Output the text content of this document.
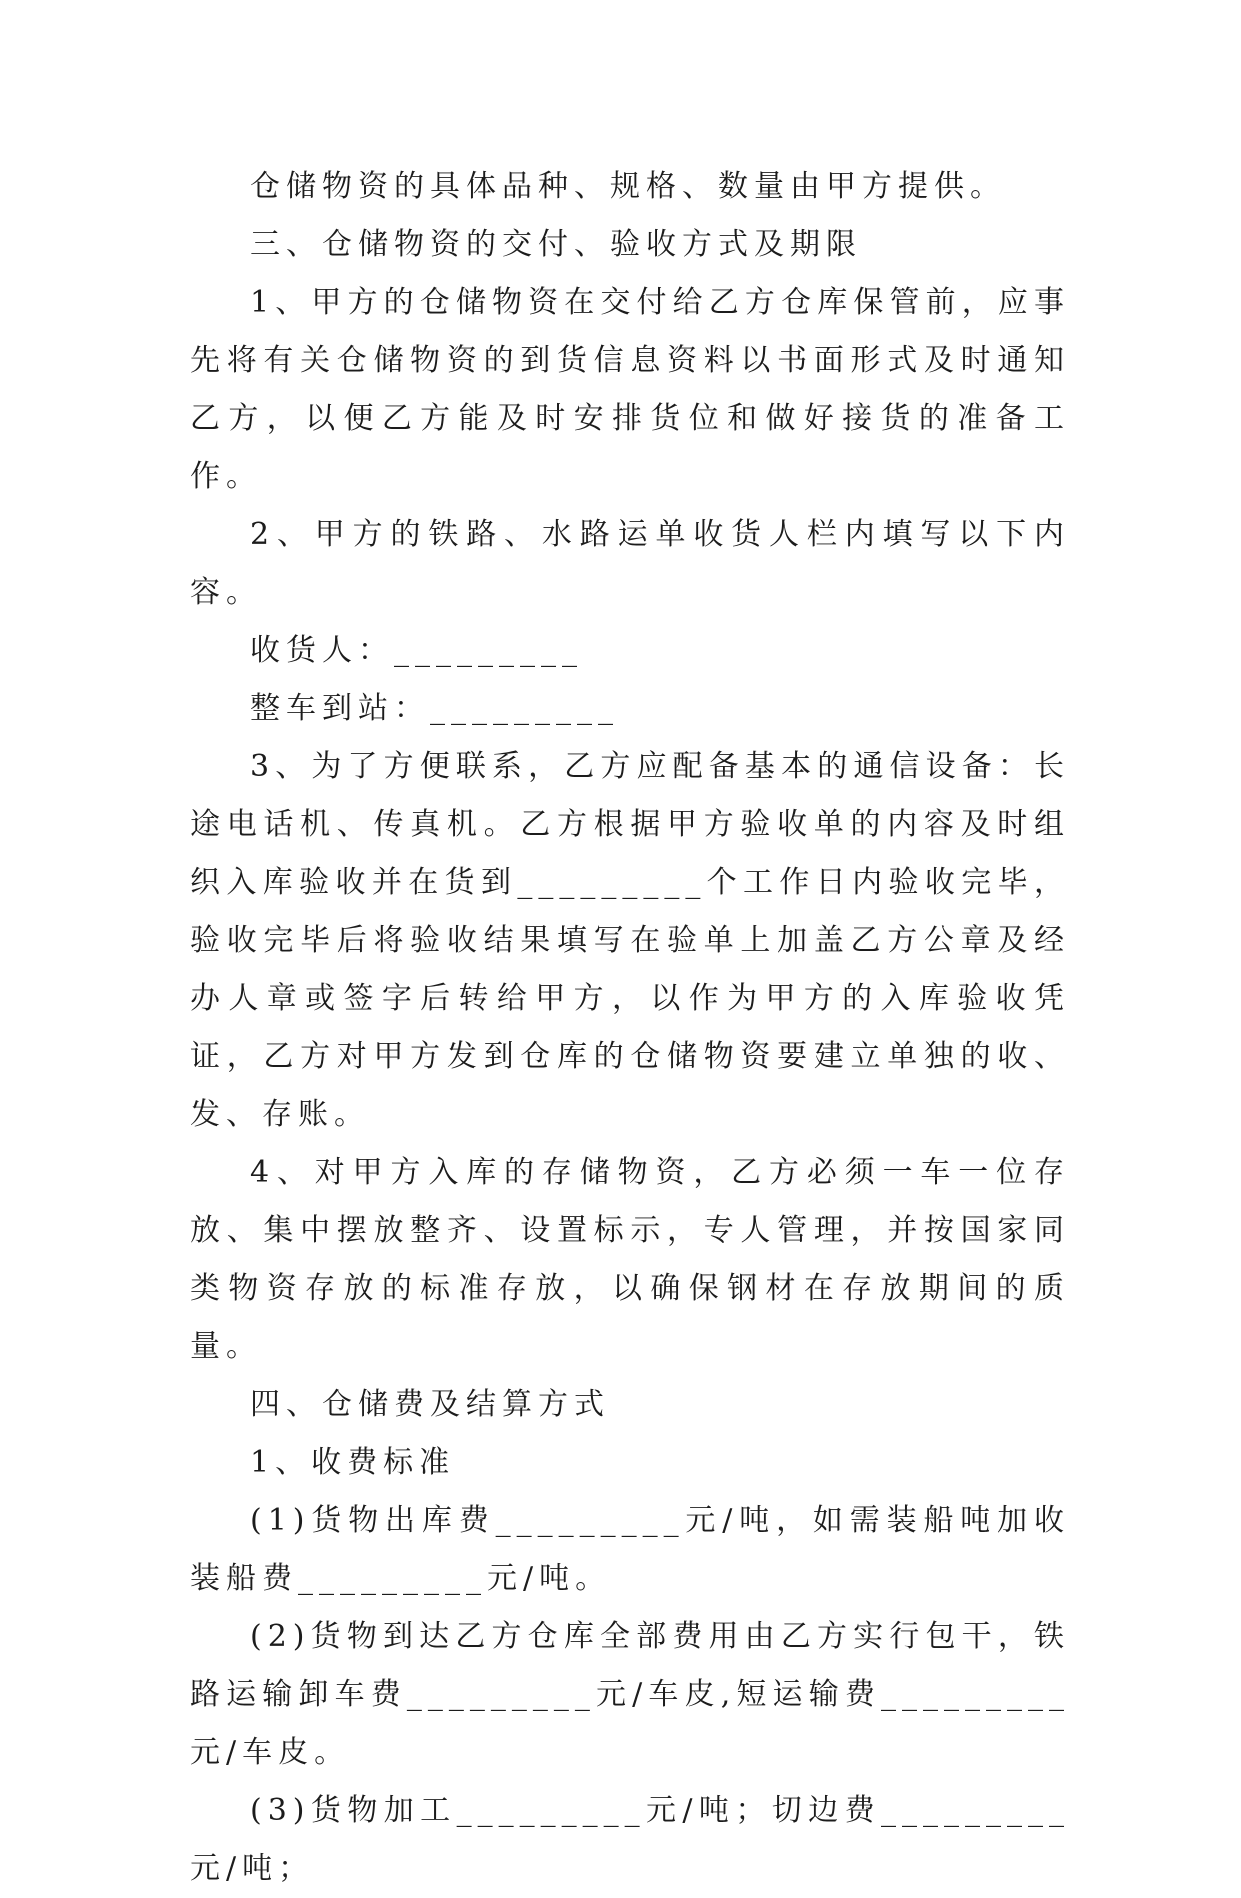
仓储物资的具体品种、规格、数量由甲方提供。

三、仓储物资的交付、验收方式及期限

1、甲方的仓储物资在交付给乙方仓库保管前，应事先将有关仓储物资的到货信息资料以书面形式及时通知乙方，以便乙方能及时安排货位和做好接货的准备工作。

2、甲方的铁路、水路运单收货人栏内填写以下内容。

收货人：_________

整车到站：_________

3、为了方便联系，乙方应配备基本的通信设备：长途电话机、传真机。乙方根据甲方验收单的内容及时组织入库验收并在货到_________个工作日内验收完毕，验收完毕后将验收结果填写在验单上加盖乙方公章及经办人章或签字后转给甲方，以作为甲方的入库验收凭证，乙方对甲方发到仓库的仓储物资要建立单独的收、发、存账。

4、对甲方入库的存储物资，乙方必须一车一位存放、集中摆放整齐、设置标示，专人管理，并按国家同类物资存放的标准存放，以确保钢材在存放期间的质量。

四、仓储费及结算方式

1、收费标准

(1)货物出库费_________元/吨，如需装船吨加收装船费_________元/吨。

(2)货物到达乙方仓库全部费用由乙方实行包干，铁路运输卸车费_________元/车皮,短运输费_________元/车皮。

(3)货物加工_________元/吨；切边费_________元/吨；
